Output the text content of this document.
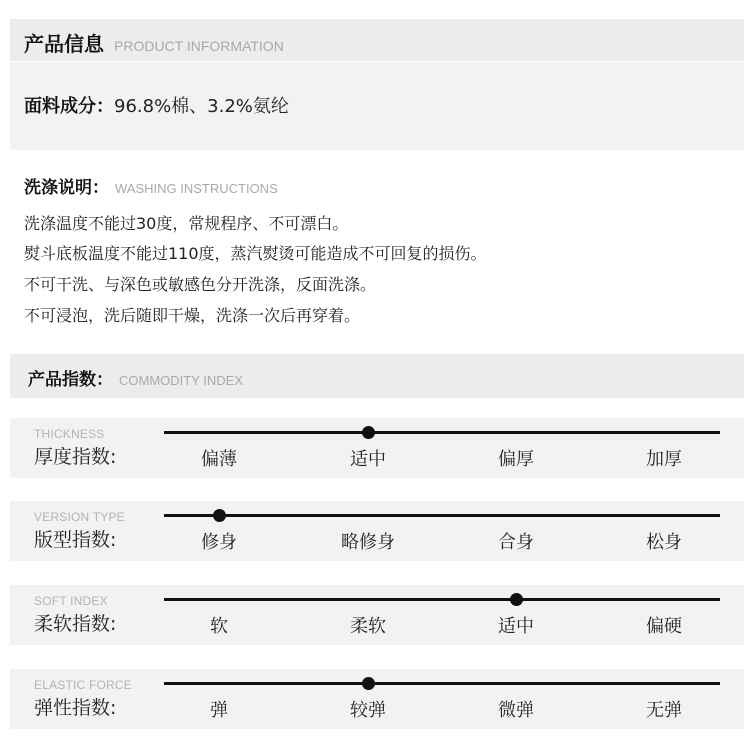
产品信息 PRODUCT INFORMATION
面料成分： 96.8%棉、3.2%氨纶
洗涤说明： WASHING INSTRUCTIONS
洗涤温度不能过30度，常规程序、不可漂白。
熨斗底板温度不能过110度，蒸汽熨烫可能造成不可回复的损伤。
不可干洗、与深色或敏感色分开洗涤，反面洗涤。
不可浸泡，洗后随即干燥，洗涤一次后再穿着。
产品指数： COMMODITY INDEX
THICKNESS
厚度指数:	偏薄	适中	偏厚	加厚
VERSION TYPE
版型指数:	修身	略修身	合身	松身
SOFT INDEX
柔软指数:	软	柔软	适中	偏硬
ELASTIC FORCE
弹性指数:	弹	较弹	微弹	无弹
